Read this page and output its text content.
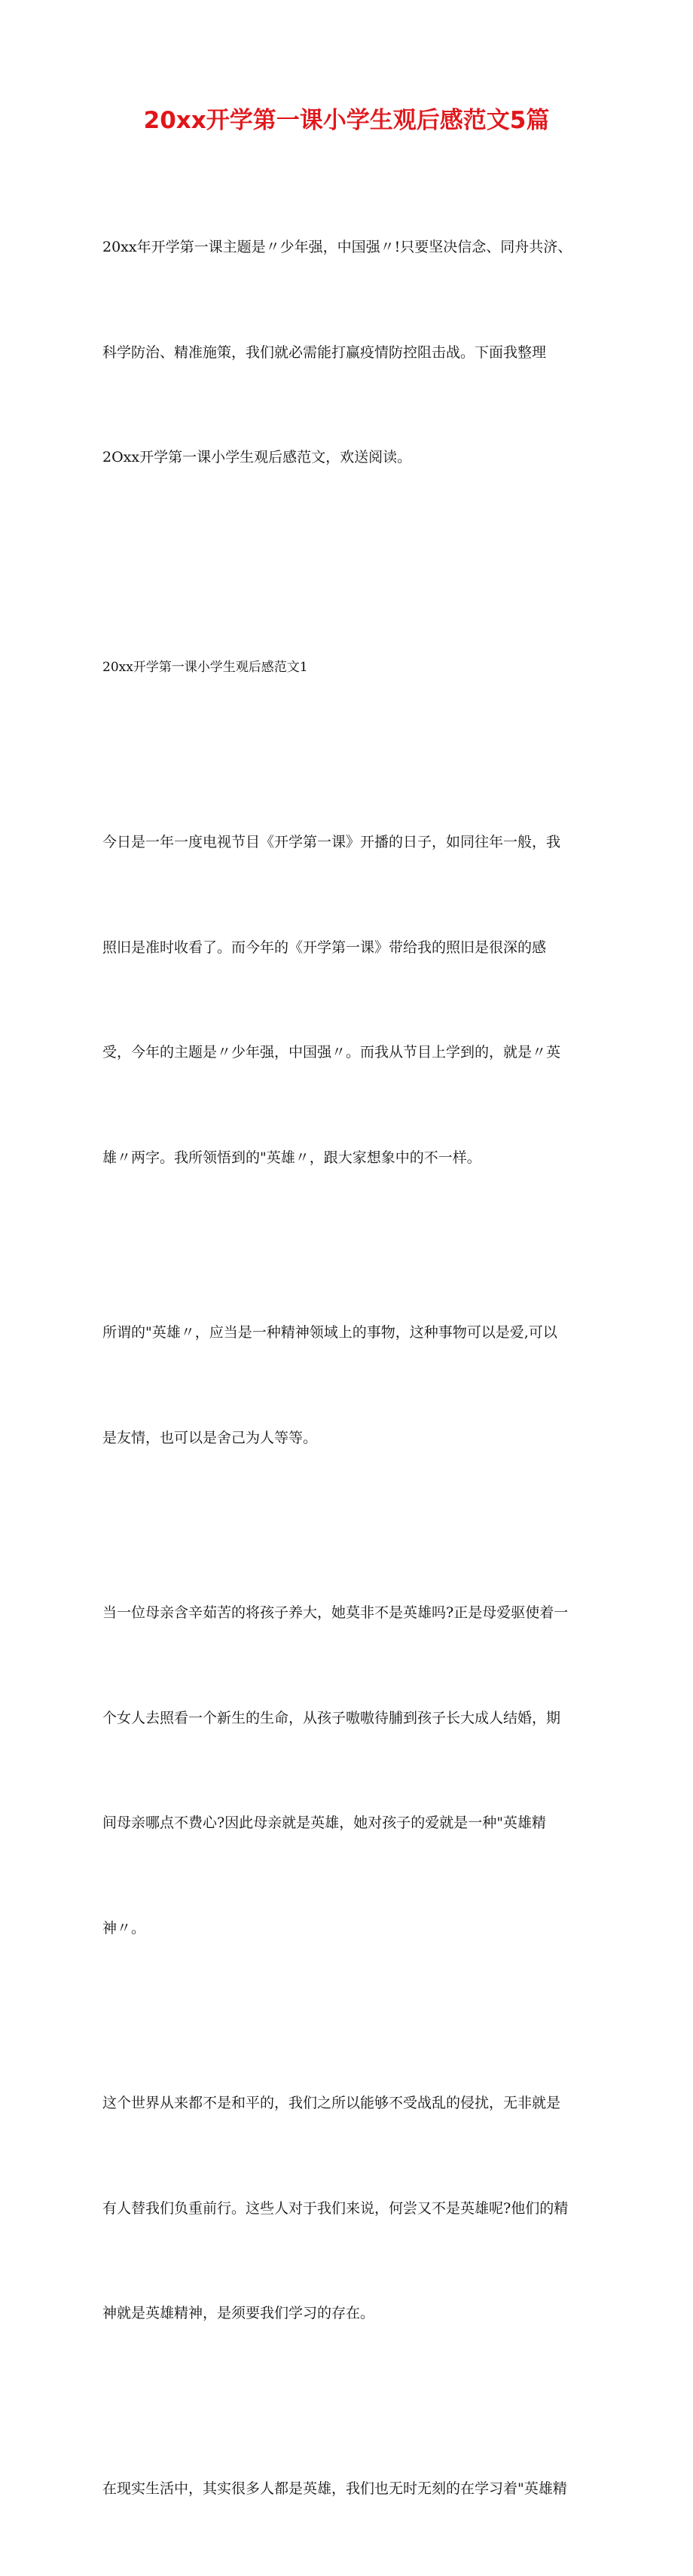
20xx开学第一课小学生观后感范文5篇

20xx年开学第一课主题是〃少年强，中国强〃!只要坚决信念、同舟共济、

科学防治、精准施策，我们就必需能打赢疫情防控阻击战。下面我整理

2Oxx开学第一课小学生观后感范文，欢送阅读。

20xx开学第一课小学生观后感范文1

今日是一年一度电视节目《开学第一课》开播的日子，如同往年一般，我

照旧是准时收看了。而今年的《开学第一课》带给我的照旧是很深的感

受，今年的主题是〃少年强，中国强〃。而我从节目上学到的，就是〃英

雄〃两字。我所领悟到的"英雄〃，跟大家想象中的不一样。

所谓的"英雄〃，应当是一种精神领域上的事物，这种事物可以是爱,可以

是友情，也可以是舍己为人等等。

当一位母亲含辛茹苦的将孩子养大，她莫非不是英雄吗?正是母爱驱使着一

个女人去照看一个新生的生命，从孩子嗷嗷待脯到孩子长大成人结婚，期

间母亲哪点不费心?因此母亲就是英雄，她对孩子的爱就是一种"英雄精

神〃。

这个世界从来都不是和平的，我们之所以能够不受战乱的侵扰，无非就是

有人替我们负重前行。这些人对于我们来说，何尝又不是英雄呢?他们的精

神就是英雄精神，是须要我们学习的存在。

在现实生活中，其实很多人都是英雄，我们也无时无刻的在学习着"英雄精
